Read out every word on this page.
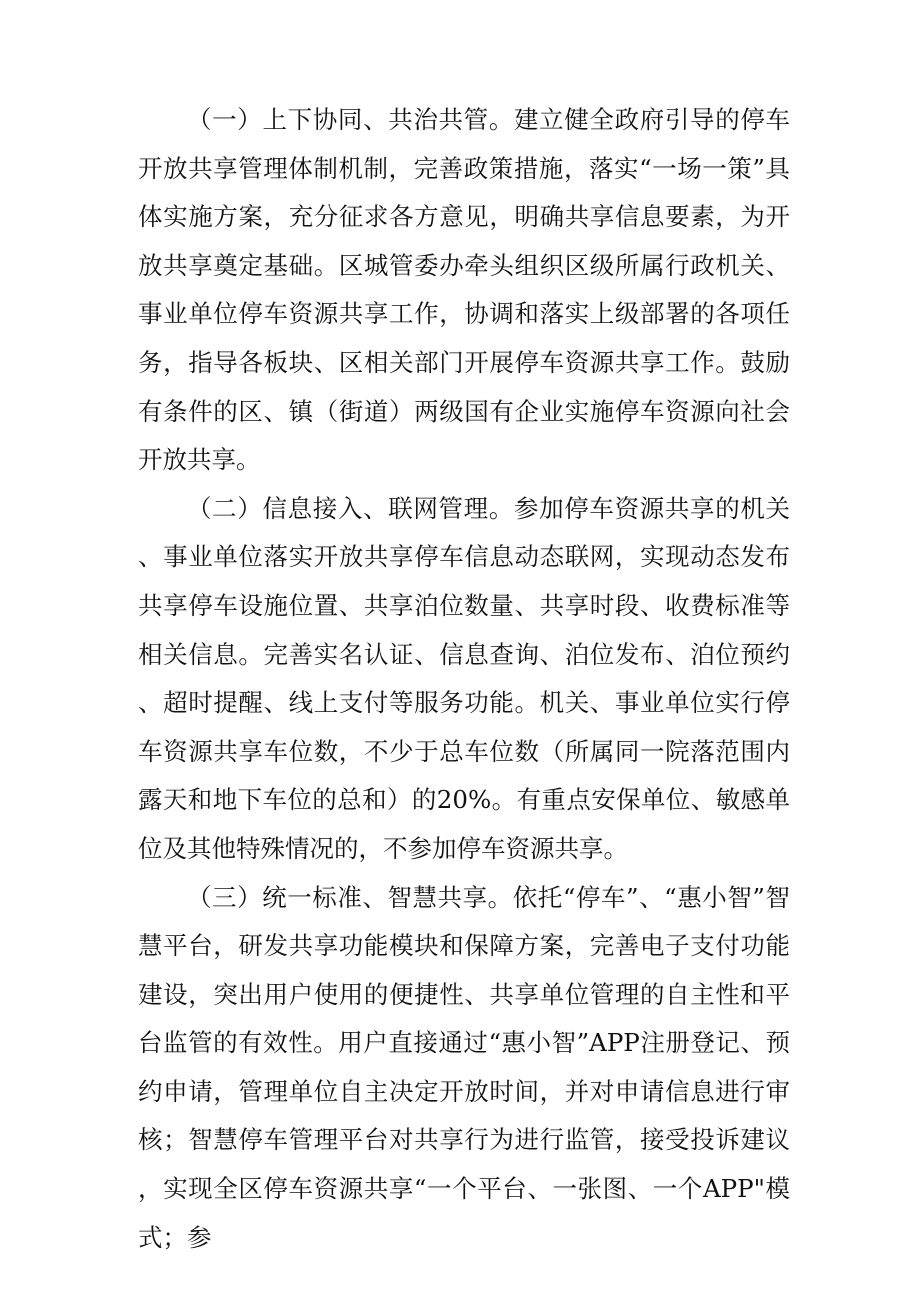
（一）上下协同、共治共管。建立健全政府引导的停车开放共享管理体制机制，完善政策措施，落实“一场一策”具体实施方案，充分征求各方意见，明确共享信息要素，为开放共享奠定基础。区城管委办牵头组织区级所属行政机关、事业单位停车资源共享工作，协调和落实上级部署的各项任务，指导各板块、区相关部门开展停车资源共享工作。鼓励有条件的区、镇（街道）两级国有企业实施停车资源向社会开放共享。

（二）信息接入、联网管理。参加停车资源共享的机关、事业单位落实开放共享停车信息动态联网，实现动态发布共享停车设施位置、共享泊位数量、共享时段、收费标准等相关信息。完善实名认证、信息查询、泊位发布、泊位预约、超时提醒、线上支付等服务功能。机关、事业单位实行停车资源共享车位数，不少于总车位数（所属同一院落范围内露天和地下车位的总和）的20%。有重点安保单位、敏感单位及其他特殊情况的，不参加停车资源共享。

（三）统一标准、智慧共享。依托“停车”、“惠小智”智慧平台，研发共享功能模块和保障方案，完善电子支付功能建设，突出用户使用的便捷性、共享单位管理的自主性和平台监管的有效性。用户直接通过“惠小智”APP注册登记、预约申请，管理单位自主决定开放时间，并对申请信息进行审核；智慧停车管理平台对共享行为进行监管，接受投诉建议，实现全区停车资源共享“一个平台、一张图、一个APP"模式；参
